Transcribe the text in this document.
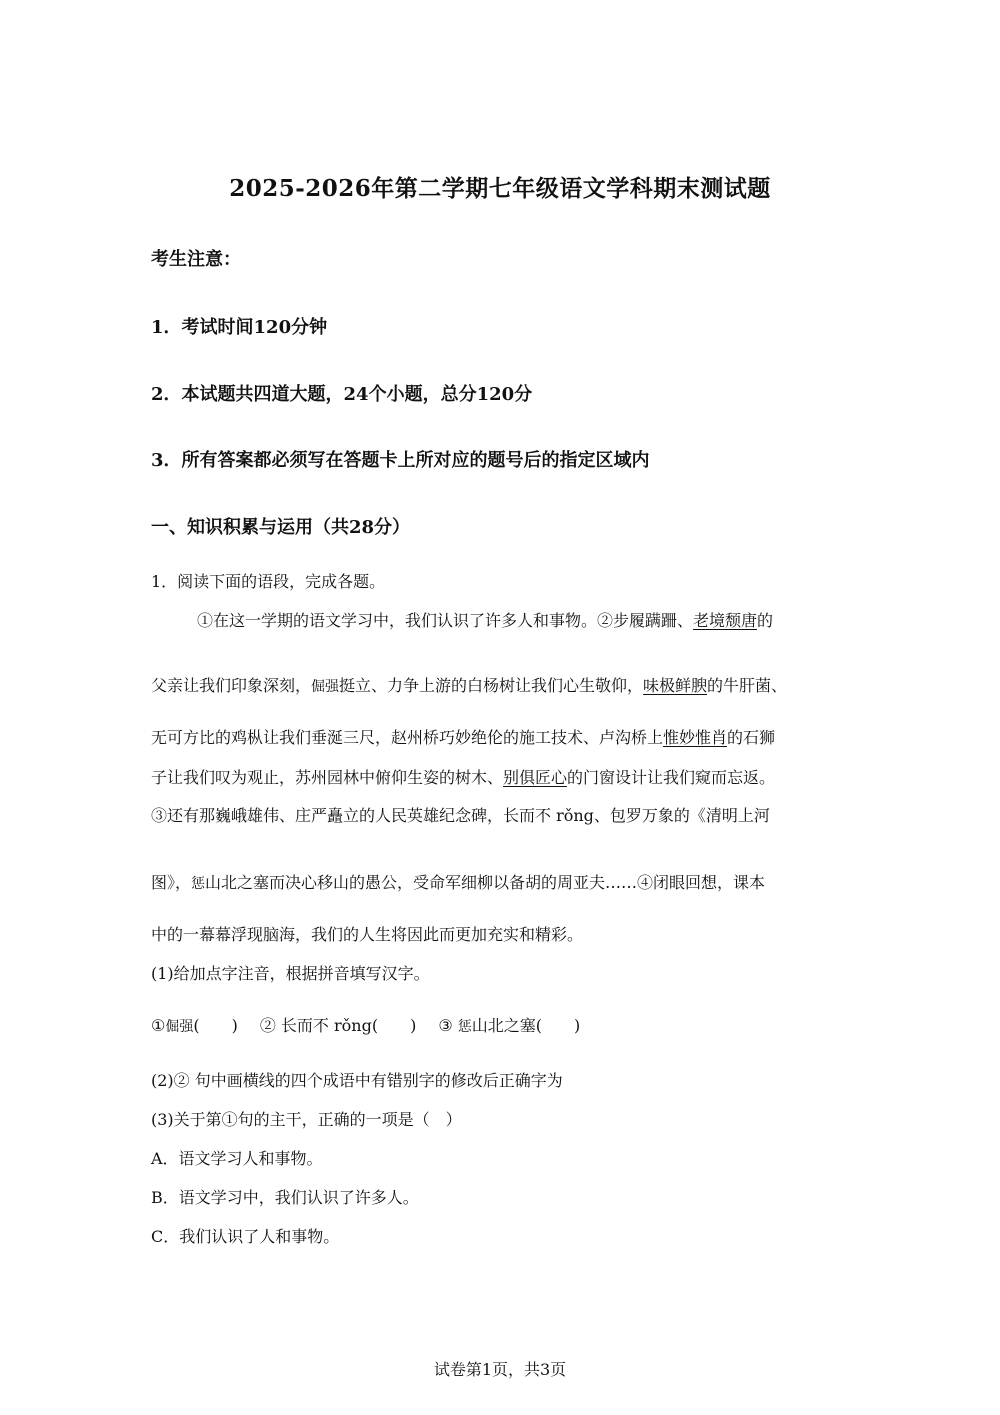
2025-2026年第二学期七年级语文学科期末测试题
考生注意：
1．考试时间120分钟
2．本试题共四道大题，24个小题，总分120分
3．所有答案都必须写在答题卡上所对应的题号后的指定区域内
一、知识积累与运用（共28分）
1．阅读下面的语段，完成各题。
①在这一学期的语文学习中，我们认识了许多人和事物。②步履蹒跚、老境颓唐的
父亲让我们印象深刻，倔强挺立、力争上游的白杨树让我们心生敬仰，味极鲜腴的牛肝菌、
无可方比的鸡枞让我们垂涎三尺，赵州桥巧妙绝伦的施工技术、卢沟桥上惟妙惟肖的石狮
子让我们叹为观止，苏州园林中俯仰生姿的树木、别俱匠心的门窗设计让我们窥而忘返。
③还有那巍峨雄伟、庄严矗立的人民英雄纪念碑，长而不 rǒng、包罗万象的《清明上河
图》，惩山北之塞而决心移山的愚公，受命军细柳以备胡的周亚夫……④闭眼回想，课本
中的一幕幕浮现脑海，我们的人生将因此而更加充实和精彩。
(1)给加点字注音，根据拼音填写汉字。
①倔强(　　) ② 长而不 rǒng(　　) ③ 惩山北之塞(　　)
(2)② 句中画横线的四个成语中有错别字的修改后正确字为
(3)关于第①句的主干，正确的一项是（　）
A．语文学习人和事物。
B．语文学习中，我们认识了许多人。
C．我们认识了人和事物。
试卷第1页，共3页
